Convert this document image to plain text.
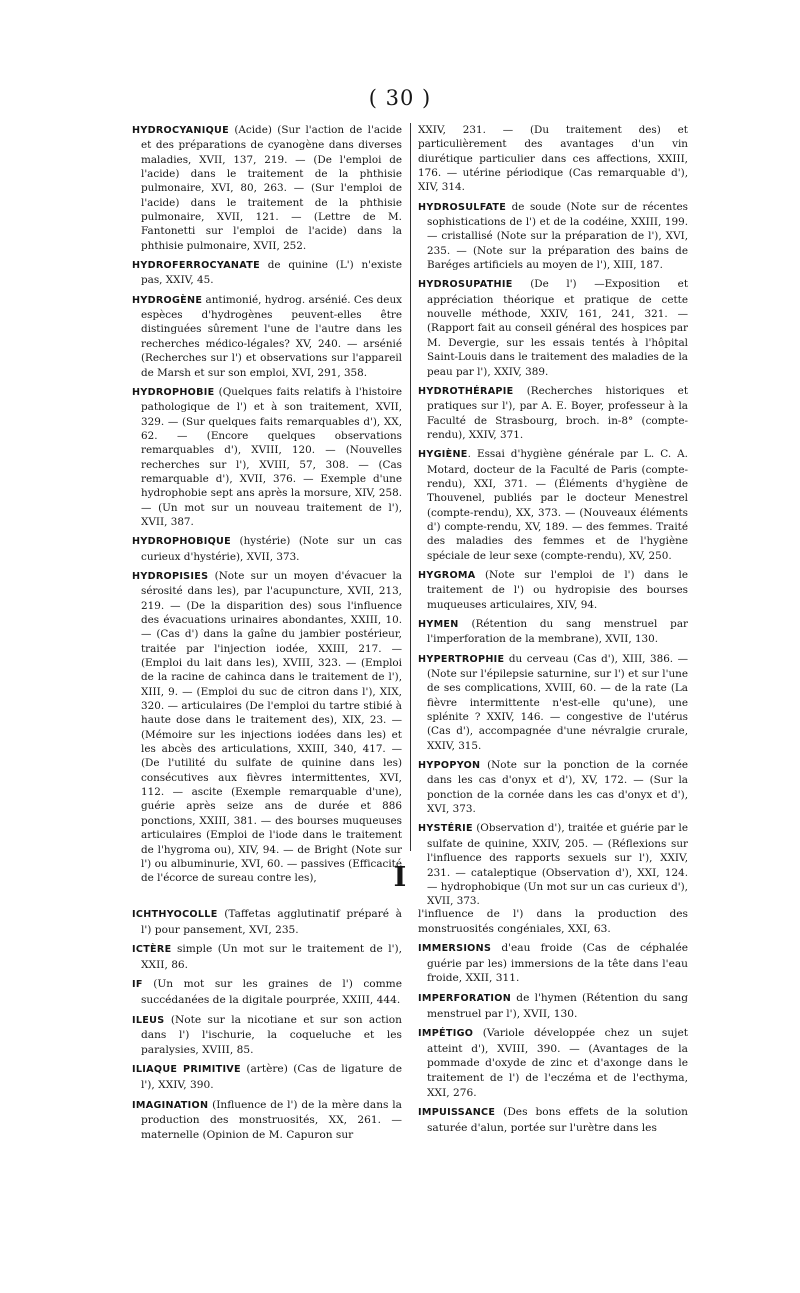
( 30 )

HYDROCYANIQUE (Acide) (Sur l'action de l'acide et des préparations de cyanogène dans diverses maladies, XVII, 137, 219. — (De l'emploi de l'acide) dans le traitement de la phthisie pulmonaire, XVI, 80, 263. — (Sur l'emploi de l'acide) dans le traitement de la phthisie pulmonaire, XVII, 121. — (Lettre de M. Fantonetti sur l'emploi de l'acide) dans la phthisie pulmonaire, XVII, 252.

HYDROFERROCYANATE de quinine (L') n'existe pas, XXIV, 45.

HYDROGÈNE antimonié, hydrog. arsénié. Ces deux espèces d'hydrogènes peuvent-elles être distinguées sûrement l'une de l'autre dans les recherches médico-légales? XV, 240. — arsénié (Recherches sur l') et observations sur l'appareil de Marsh et sur son emploi, XVI, 291, 358.

HYDROPHOBIE (Quelques faits relatifs à l'histoire pathologique de l') et à son traitement, XVII, 329. — (Sur quelques faits remarquables d'), XX, 62. — (Encore quelques observations remarquables d'), XVIII, 120. — (Nouvelles recherches sur l'), XVIII, 57, 308. — (Cas remarquable d'), XVII, 376. — Exemple d'une hydrophobie sept ans après la morsure, XIV, 258. — (Un mot sur un nouveau traitement de l'), XVII, 387.

HYDROPHOBIQUE (hystérie) (Note sur un cas curieux d'hystérie), XVII, 373.

HYDROPISIES (Note sur un moyen d'évacuer la sérosité dans les), par l'acupuncture, XVII, 213, 219. — (De la disparition des) sous l'influence des évacuations urinaires abondantes, XXIII, 10. — (Cas d') dans la gaîne du jambier postérieur, traitée par l'injection iodée, XXIII, 217. — (Emploi du lait dans les), XVIII, 323. — (Emploi de la racine de cahinca dans le traitement de l'), XIII, 9. — (Emploi du suc de citron dans l'), XIX, 320. — articulaires (De l'emploi du tartre stibié à haute dose dans le traitement des), XIX, 23. — (Mémoire sur les injections iodées dans les) et les abcès des articulations, XXIII, 340, 417. — (De l'utilité du sulfate de quinine dans les) consécutives aux fièvres intermittentes, XVI, 112. — ascite (Exemple remarquable d'une), guérie après seize ans de durée et 886 ponctions, XXIII, 381. — des bourses muqueuses articulaires (Emploi de l'iode dans le traitement de l'hygroma ou), XIV, 94. — de Bright (Note sur l') ou albuminurie, XVI, 60. — passives (Efficacité de l'écorce de sureau contre les),

XXIV, 231. — (Du traitement des) et particulièrement des avantages d'un vin diurétique particulier dans ces affections, XXIII, 176. — utérine périodique (Cas remarquable d'), XIV, 314.

HYDROSULFATE de soude (Note sur de récentes sophistications de l') et de la codéine, XXIII, 199. — cristallisé (Note sur la préparation de l'), XVI, 235. — (Note sur la préparation des bains de Baréges artificiels au moyen de l'), XIII, 187.

HYDROSUPATHIE (De l') —Exposition et appréciation théorique et pratique de cette nouvelle méthode, XXIV, 161, 241, 321. — (Rapport fait au conseil général des hospices par M. Devergie, sur les essais tentés à l'hôpital Saint-Louis dans le traitement des maladies de la peau par l'), XXIV, 389.

HYDROTHÉRAPIE (Recherches historiques et pratiques sur l'), par A. E. Boyer, professeur à la Faculté de Strasbourg, broch. in-8° (compte-rendu), XXIV, 371.

HYGIÈNE. Essai d'hygiène générale par L. C. A. Motard, docteur de la Faculté de Paris (compte-rendu), XXI, 371. — (Éléments d'hygiène de Thouvenel, publiés par le docteur Menestrel (compte-rendu), XX, 373. — (Nouveaux éléments d') compte-rendu, XV, 189. — des femmes. Traité des maladies des femmes et de l'hygiène spéciale de leur sexe (compte-rendu), XV, 250.

HYGROMA (Note sur l'emploi de l') dans le traitement de l') ou hydropisie des bourses muqueuses articulaires, XIV, 94.

HYMEN (Rétention du sang menstruel par l'imperforation de la membrane), XVII, 130.

HYPERTROPHIE du cerveau (Cas d'), XIII, 386. — (Note sur l'épilepsie saturnine, sur l') et sur l'une de ses complications, XVIII, 60. — de la rate (La fièvre intermittente n'est-elle qu'une), une splénite ? XXIV, 146. — congestive de l'utérus (Cas d'), accompagnée d'une névralgie crurale, XXIV, 315.

HYPOPYON (Note sur la ponction de la cornée dans les cas d'onyx et d'), XV, 172. — (Sur la ponction de la cornée dans les cas d'onyx et d'), XVI, 373.

HYSTÉRIE (Observation d'), traitée et guérie par le sulfate de quinine, XXIV, 205. — (Réflexions sur l'influence des rapports sexuels sur l'), XXIV, 231. — cataleptique (Observation d'), XXI, 124. — hydrophobique (Un mot sur un cas curieux d'), XVII, 373.

I

ICHTHYOCOLLE (Taffetas agglutinatif préparé à l') pour pansement, XVI, 235.

ICTÈRE simple (Un mot sur le traitement de l'), XXII, 86.

IF (Un mot sur les graines de l') comme succédanées de la digitale pourprée, XXIII, 444.

ILEUS (Note sur la nicotiane et sur son action dans l') l'ischurie, la coqueluche et les paralysies, XVIII, 85.

ILIAQUE PRIMITIVE (artère) (Cas de ligature de l'), XXIV, 390.

IMAGINATION (Influence de l') de la mère dans la production des monstruosités, XX, 261. — maternelle (Opinion de M. Capuron sur

l'influence de l') dans la production des monstruosités congéniales, XXI, 63.

IMMERSIONS d'eau froide (Cas de céphalée guérie par les) immersions de la tête dans l'eau froide, XXII, 311.

IMPERFORATION de l'hymen (Rétention du sang menstruel par l'), XVII, 130.

IMPÉTIGO (Variole développée chez un sujet atteint d'), XVIII, 390. — (Avantages de la pommade d'oxyde de zinc et d'axonge dans le traitement de l') de l'eczéma et de l'ecthyma, XXI, 276.

IMPUISSANCE (Des bons effets de la solution saturée d'alun, portée sur l'urètre dans les
